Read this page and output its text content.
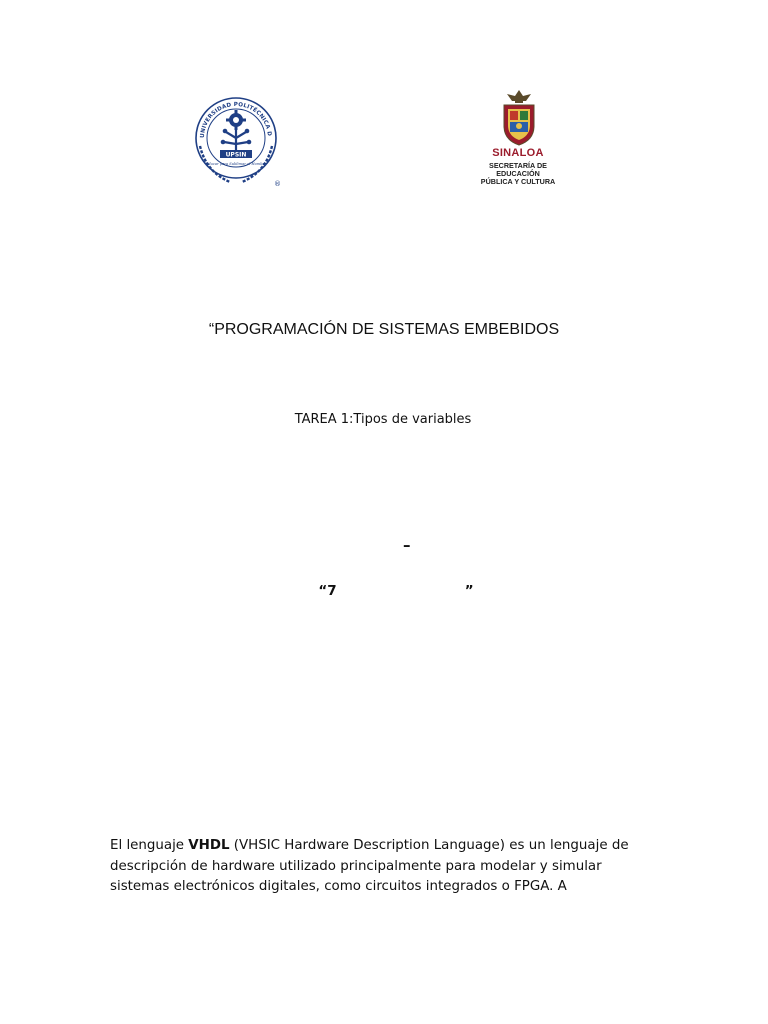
UNIVERSIDAD POLITÉCNICA D
UPSIN
Educar para Sublimar el Hombre
®
SINALOA
SECRETARÍA DE
EDUCACIÓN
PÚBLICA Y CULTURA
“PROGRAMACIÓN DE SISTEMAS EMBEBIDOS
TAREA 1:Tipos de variables
–

“7	”

El lenguaje VHDL (VHSIC Hardware Description Language) es un lenguaje de descripción de hardware utilizado principalmente para modelar y simular sistemas electrónicos digitales, como circuitos integrados o FPGA. A
